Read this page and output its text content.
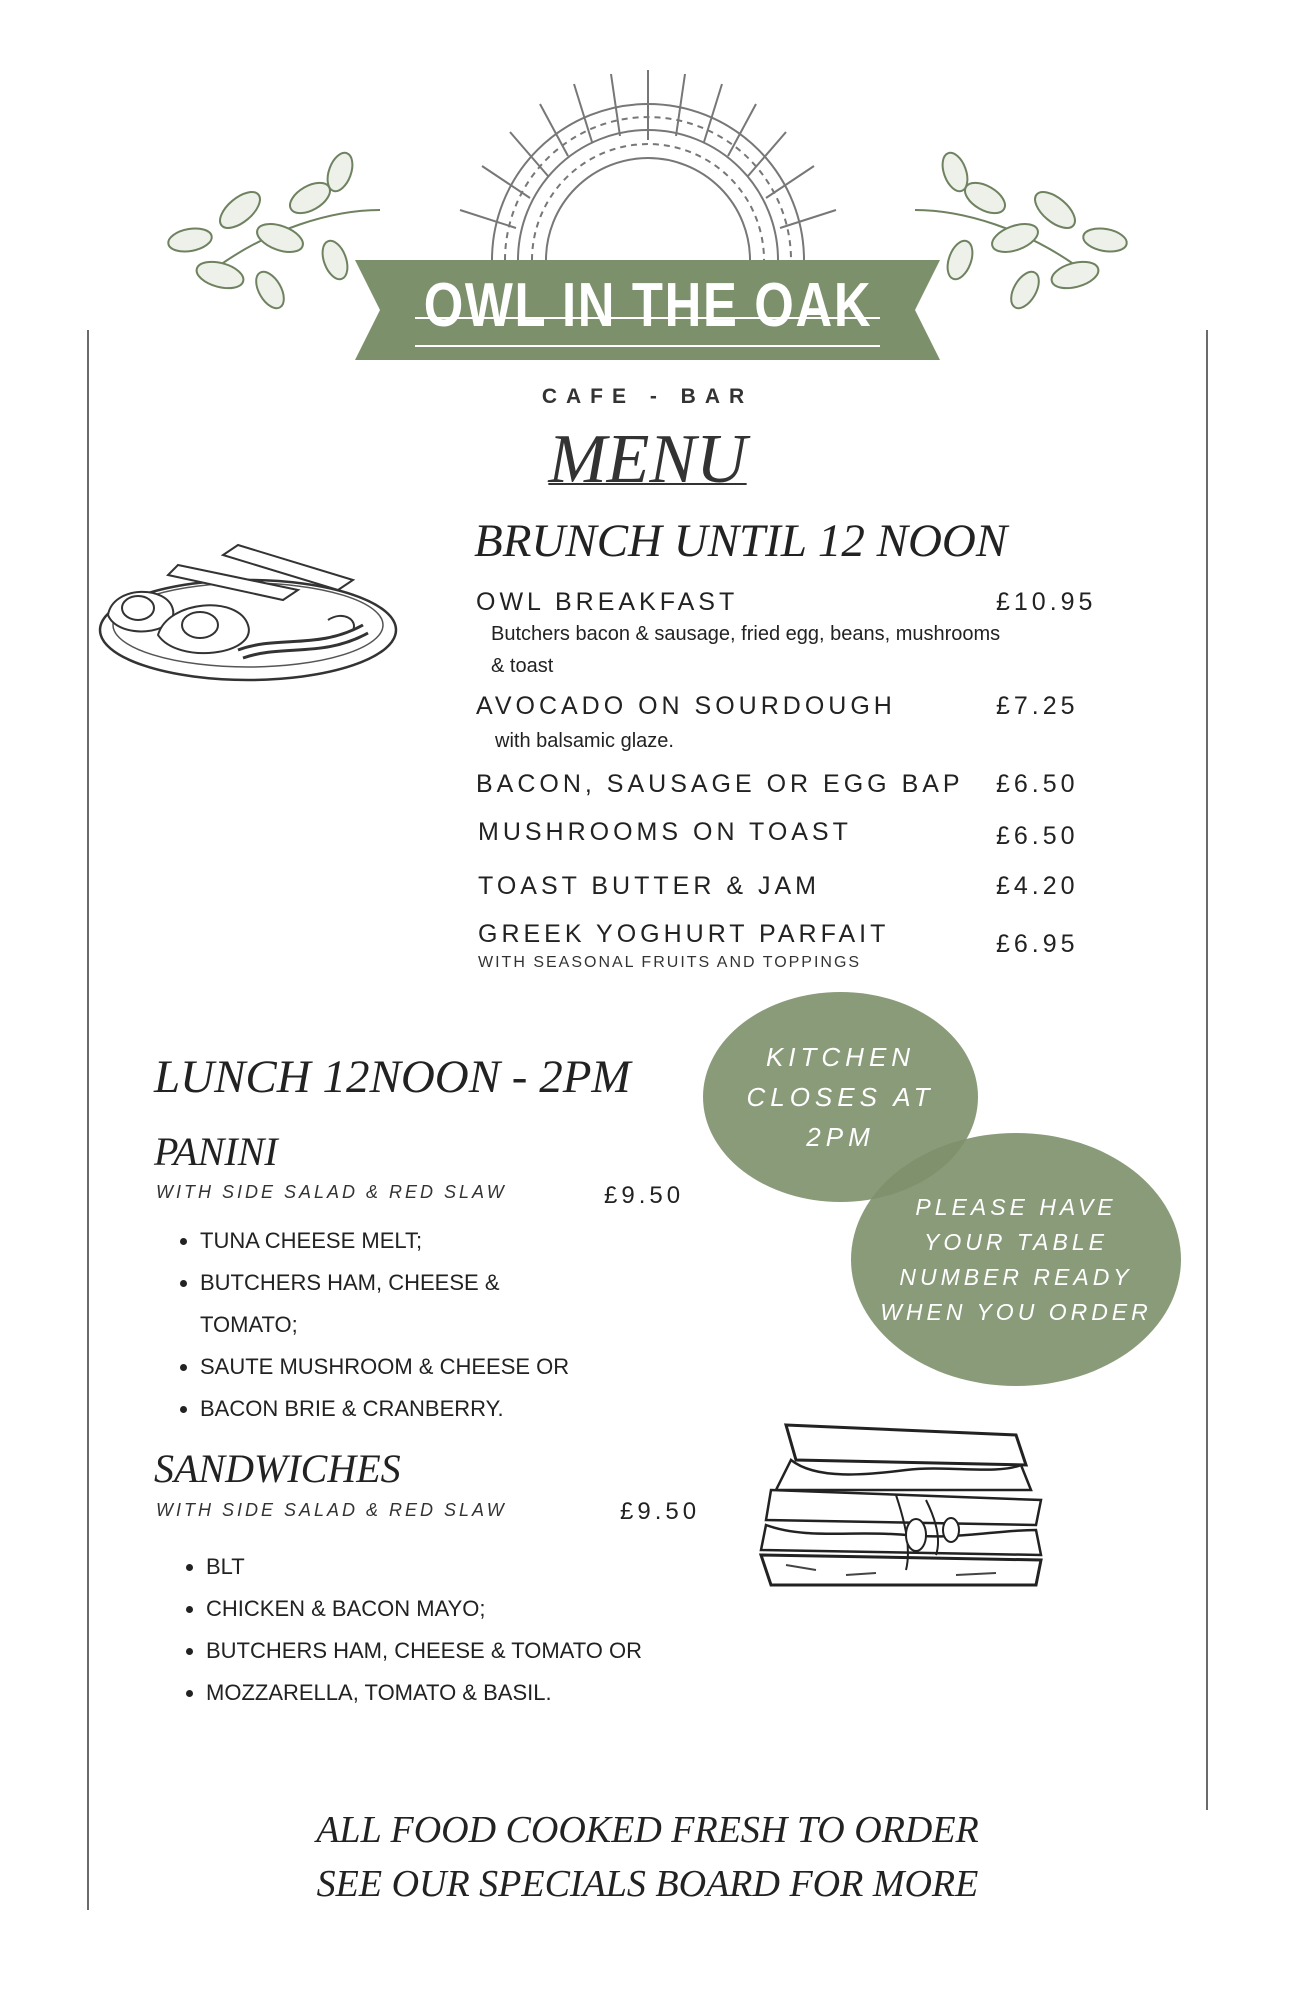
OWL IN THE OAK
CAFE - BAR
MENU
BRUNCH UNTIL 12 NOON
OWL BREAKFAST	£10.95
Butchers bacon & sausage, fried egg, beans, mushrooms & toast
AVOCADO ON SOURDOUGH	£7.25
with balsamic glaze.
BACON, SAUSAGE OR EGG BAP £6.50
MUSHROOMS ON TOAST	£6.50
TOAST BUTTER & JAM	£4.20
GREEK YOGHURT PARFAIT	£6.95
WITH SEASONAL FRUITS AND TOPPINGS
KITCHEN CLOSES AT 2PM
PLEASE HAVE YOUR TABLE NUMBER READY WHEN YOU ORDER
LUNCH 12NOON - 2PM
PANINI
WITH SIDE SALAD & RED SLAW	£9.50
• TUNA CHEESE MELT;
• BUTCHERS HAM, CHEESE & TOMATO;
• SAUTE MUSHROOM & CHEESE OR
• BACON BRIE & CRANBERRY.
SANDWICHES
WITH SIDE SALAD & RED SLAW	£9.50
• BLT
• CHICKEN & BACON MAYO;
• BUTCHERS HAM, CHEESE & TOMATO OR
• MOZZARELLA, TOMATO & BASIL.
ALL FOOD COOKED FRESH TO ORDER
SEE OUR SPECIALS BOARD FOR MORE
